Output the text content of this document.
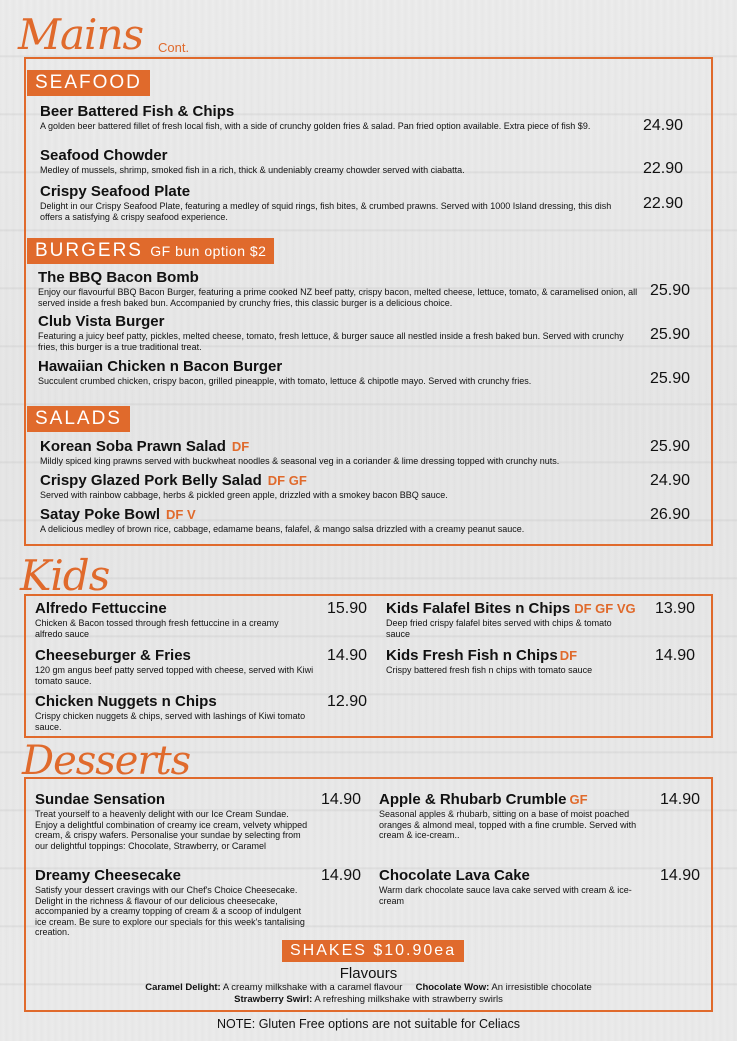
Mains Cont.
SEAFOOD
Beer Battered Fish & Chips
A golden beer battered fillet of fresh local fish, with a side of crunchy golden fries & salad. Pan fried option available. Extra piece of fish $9.	24.90
Seafood Chowder
Medley of mussels, shrimp, smoked fish in a rich, thick & undeniably creamy chowder served with ciabatta.	22.90
Crispy Seafood Plate
Delight in our Crispy Seafood Plate, featuring a medley of squid rings, fish bites, & crumbed prawns. Served with 1000 Island dressing, this dish offers a satisfying & crispy seafood experience.
22.90
BURGERS GF bun option $2
The BBQ Bacon Bomb
Enjoy our flavourful BBQ Bacon Burger, featuring a prime cooked NZ beef patty, crispy bacon, melted cheese, lettuce, tomato, & caramelised onion, all served inside a fresh baked bun. Accompanied by crunchy fries, this classic burger is a delicious choice.
25.90
Club Vista Burger
Featuring a juicy beef patty, pickles, melted cheese, tomato, fresh lettuce, & burger sauce all nestled inside a fresh baked bun. Served with crunchy fries, this burger is a true traditional treat.
25.90
Hawaiian Chicken n Bacon Burger
Succulent crumbed chicken, crispy bacon, grilled pineapple, with tomato, lettuce & chipotle mayo. Served with crunchy fries.	25.90
SALADS
Korean Soba Prawn Salad DF
Mildly spiced king prawns served with buckwheat noodles & seasonal veg in a coriander & lime dressing topped with crunchy nuts.
25.90
Crispy Glazed Pork Belly Salad DF GF
Served with rainbow cabbage, herbs & pickled green apple, drizzled with a smokey bacon BBQ sauce.
24.90
Satay Poke Bowl DF V
A delicious medley of brown rice, cabbage, edamame beans, falafel, & mango salsa drizzled with a creamy peanut sauce.
26.90
Kids
Alfredo Fettuccine
Chicken & Bacon tossed through fresh fettuccine in a creamy alfredo sauce
15.90
Cheeseburger & Fries
120 gm angus beef patty served topped with cheese, served with Kiwi tomato sauce.
14.90
Chicken Nuggets n Chips
Crispy chicken nuggets & chips, served with lashings of Kiwi tomato sauce.
12.90
Kids Falafel Bites n Chips DF GF VG
Deep fried crispy falafel bites served with chips & tomato sauce
13.90
Kids Fresh Fish n Chips DF
Crispy battered fresh fish n chips with tomato sauce
14.90
Desserts
Sundae Sensation
Treat yourself to a heavenly delight with our Ice Cream Sundae. Enjoy a delightful combination of creamy ice cream, velvety whipped cream, & crispy wafers. Personalise your sundae by selecting from our delightful toppings: Chocolate, Strawberry, or Caramel
14.90
Dreamy Cheesecake
Satisfy your dessert cravings with our Chef's Choice Cheesecake. Delight in the richness & flavour of our delicious cheesecake, accompanied by a creamy topping of cream & a scoop of indulgent ice cream. Be sure to explore our specials for this week's tantalising creation.
14.90
Apple & Rhubarb Crumble GF
Seasonal apples & rhubarb, sitting on a base of moist poached oranges & almond meal, topped with a fine crumble. Served with cream & ice-cream..
14.90
Chocolate Lava Cake
Warm dark chocolate sauce lava cake served with cream & ice-cream
14.90
SHAKES $10.90ea
Flavours
Caramel Delight: A creamy milkshake with a caramel flavour Chocolate Wow: An irresistible chocolate
Strawberry Swirl: A refreshing milkshake with strawberry swirls
NOTE: Gluten Free options are not suitable for Celiacs
